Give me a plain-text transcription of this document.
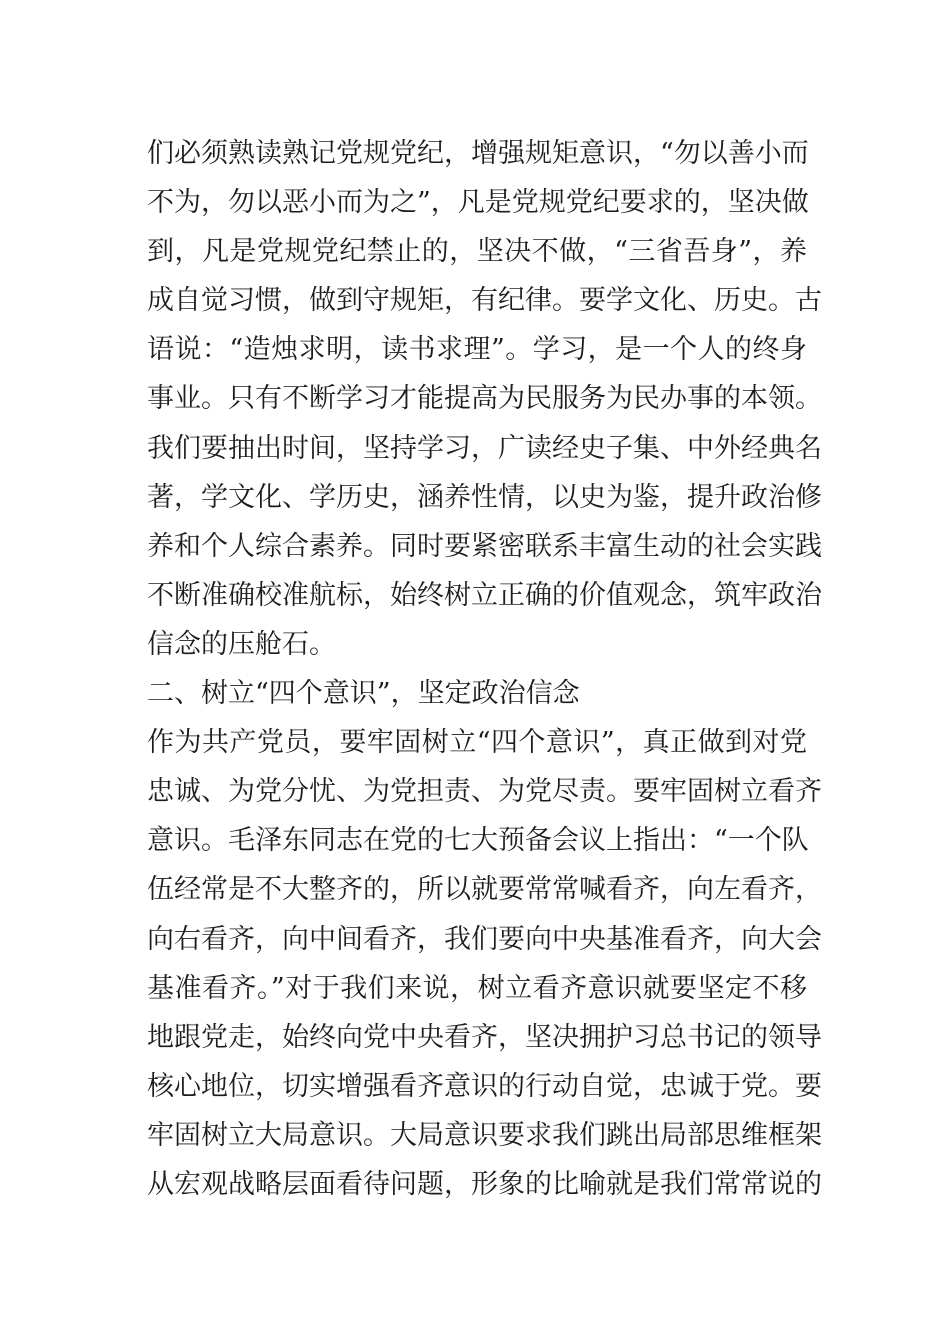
们必须熟读熟记党规党纪，增强规矩意识，“勿以善小而
不为，勿以恶小而为之”，凡是党规党纪要求的，坚决做
到，凡是党规党纪禁止的，坚决不做，“三省吾身”，养
成自觉习惯，做到守规矩，有纪律。要学文化、历史。古
语说：“造烛求明，读书求理”。学习，是一个人的终身
事业。只有不断学习才能提高为民服务为民办事的本领。
我们要抽出时间，坚持学习，广读经史子集、中外经典名
著，学文化、学历史，涵养性情，以史为鉴，提升政治修
养和个人综合素养。同时要紧密联系丰富生动的社会实践
不断准确校准航标，始终树立正确的价值观念，筑牢政治
信念的压舱石。
二、树立“四个意识”，坚定政治信念
作为共产党员，要牢固树立“四个意识”，真正做到对党
忠诚、为党分忧、为党担责、为党尽责。要牢固树立看齐
意识。毛泽东同志在党的七大预备会议上指出：“一个队
伍经常是不大整齐的，所以就要常常喊看齐，向左看齐，
向右看齐，向中间看齐，我们要向中央基准看齐，向大会
基准看齐。”对于我们来说，树立看齐意识就要坚定不移
地跟党走，始终向党中央看齐，坚决拥护习总书记的领导
核心地位，切实增强看齐意识的行动自觉，忠诚于党。要
牢固树立大局意识。大局意识要求我们跳出局部思维框架
从宏观战略层面看待问题，形象的比喻就是我们常常说的
